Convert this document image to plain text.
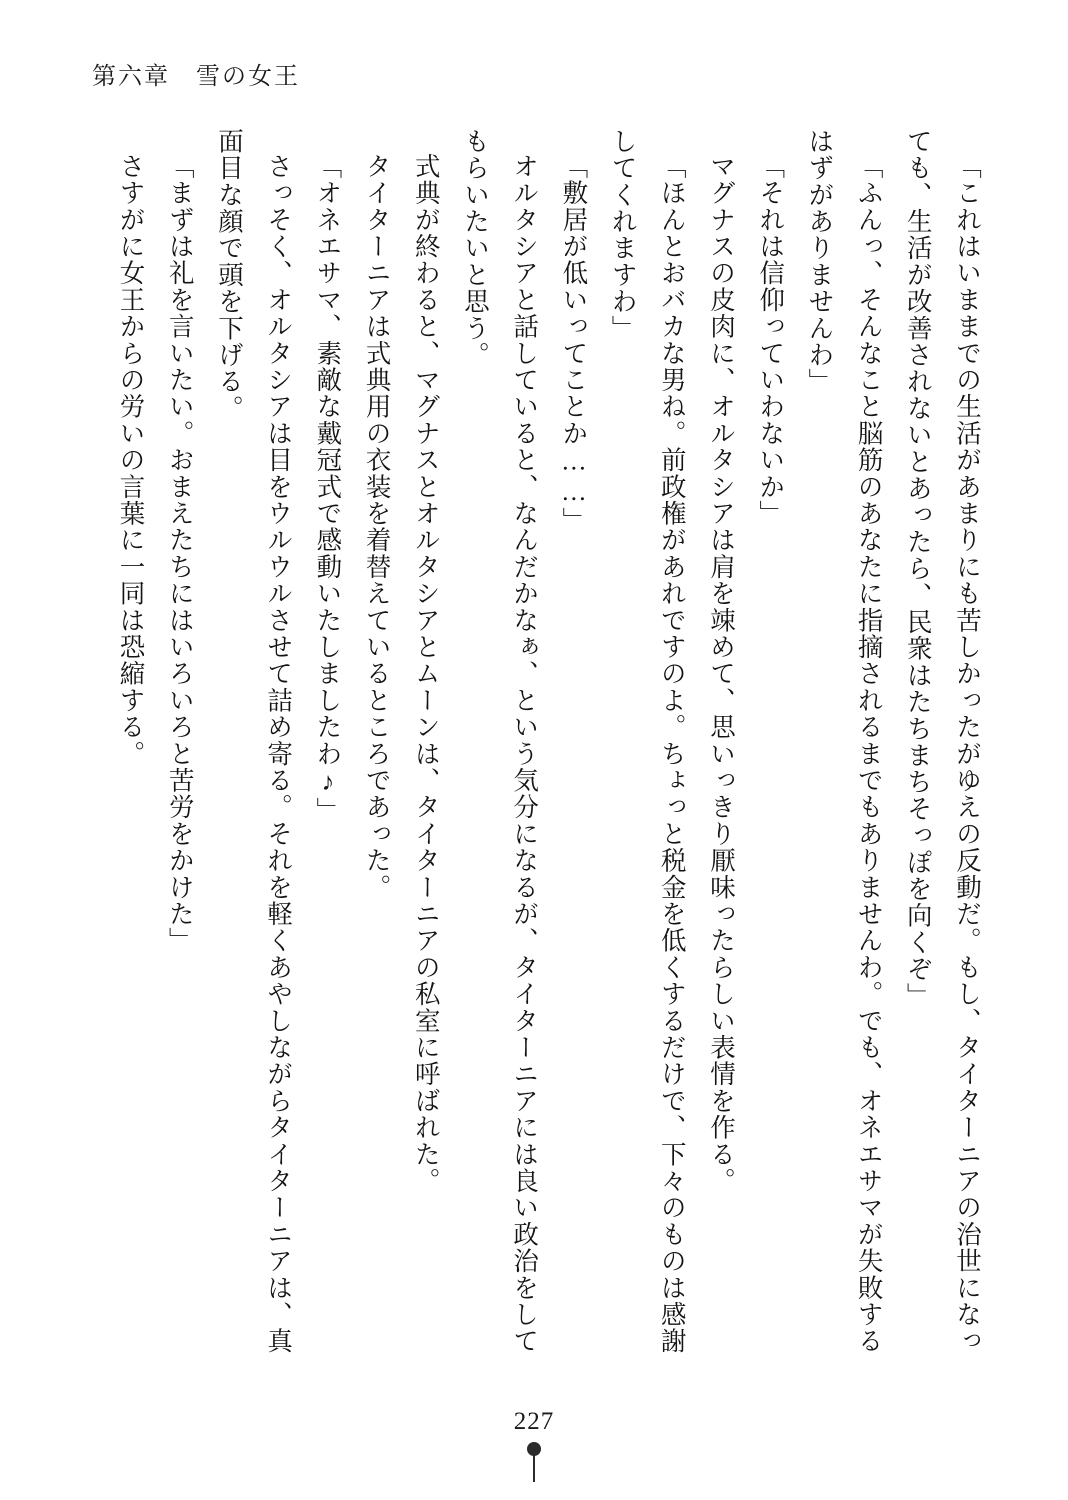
第六章　雪の女王

「これはいままでの生活があまりにも苦しかったがゆえの反動だ。もし、タイターニアの治世になっても、生活が改善されないとあったら、民衆はたちまちそっぽを向くぞ」

「ふんっ、そんなこと脳筋のあなたに指摘されるまでもありませんわ。でも、オネエサマが失敗するはずがありませんわ」

「それは信仰っていわないか」

マグナスの皮肉に、オルタシアは肩を竦めて、思いっきり厭味ったらしい表情を作る。

「ほんとおバカな男ね。前政権があれですのよ。ちょっと税金を低くするだけで、下々のものは感謝してくれますわ」

「敷居が低いってことか……」

オルタシアと話していると、なんだかなぁ、という気分になるが、タイターニアには良い政治をしてもらいたいと思う。

式典が終わると、マグナスとオルタシアとムーンは、タイターニアの私室に呼ばれた。

タイターニアは式典用の衣装を着替えているところであった。

「オネエサマ、素敵な戴冠式で感動いたしましたわ♪」

さっそく、オルタシアは目をウルウルさせて詰め寄る。それを軽くあやしながらタイターニアは、真面目な顔で頭を下げる。

「まずは礼を言いたい。おまえたちにはいろいろと苦労をかけた」

さすがに女王からの労いの言葉に一同は恐縮する。

227
